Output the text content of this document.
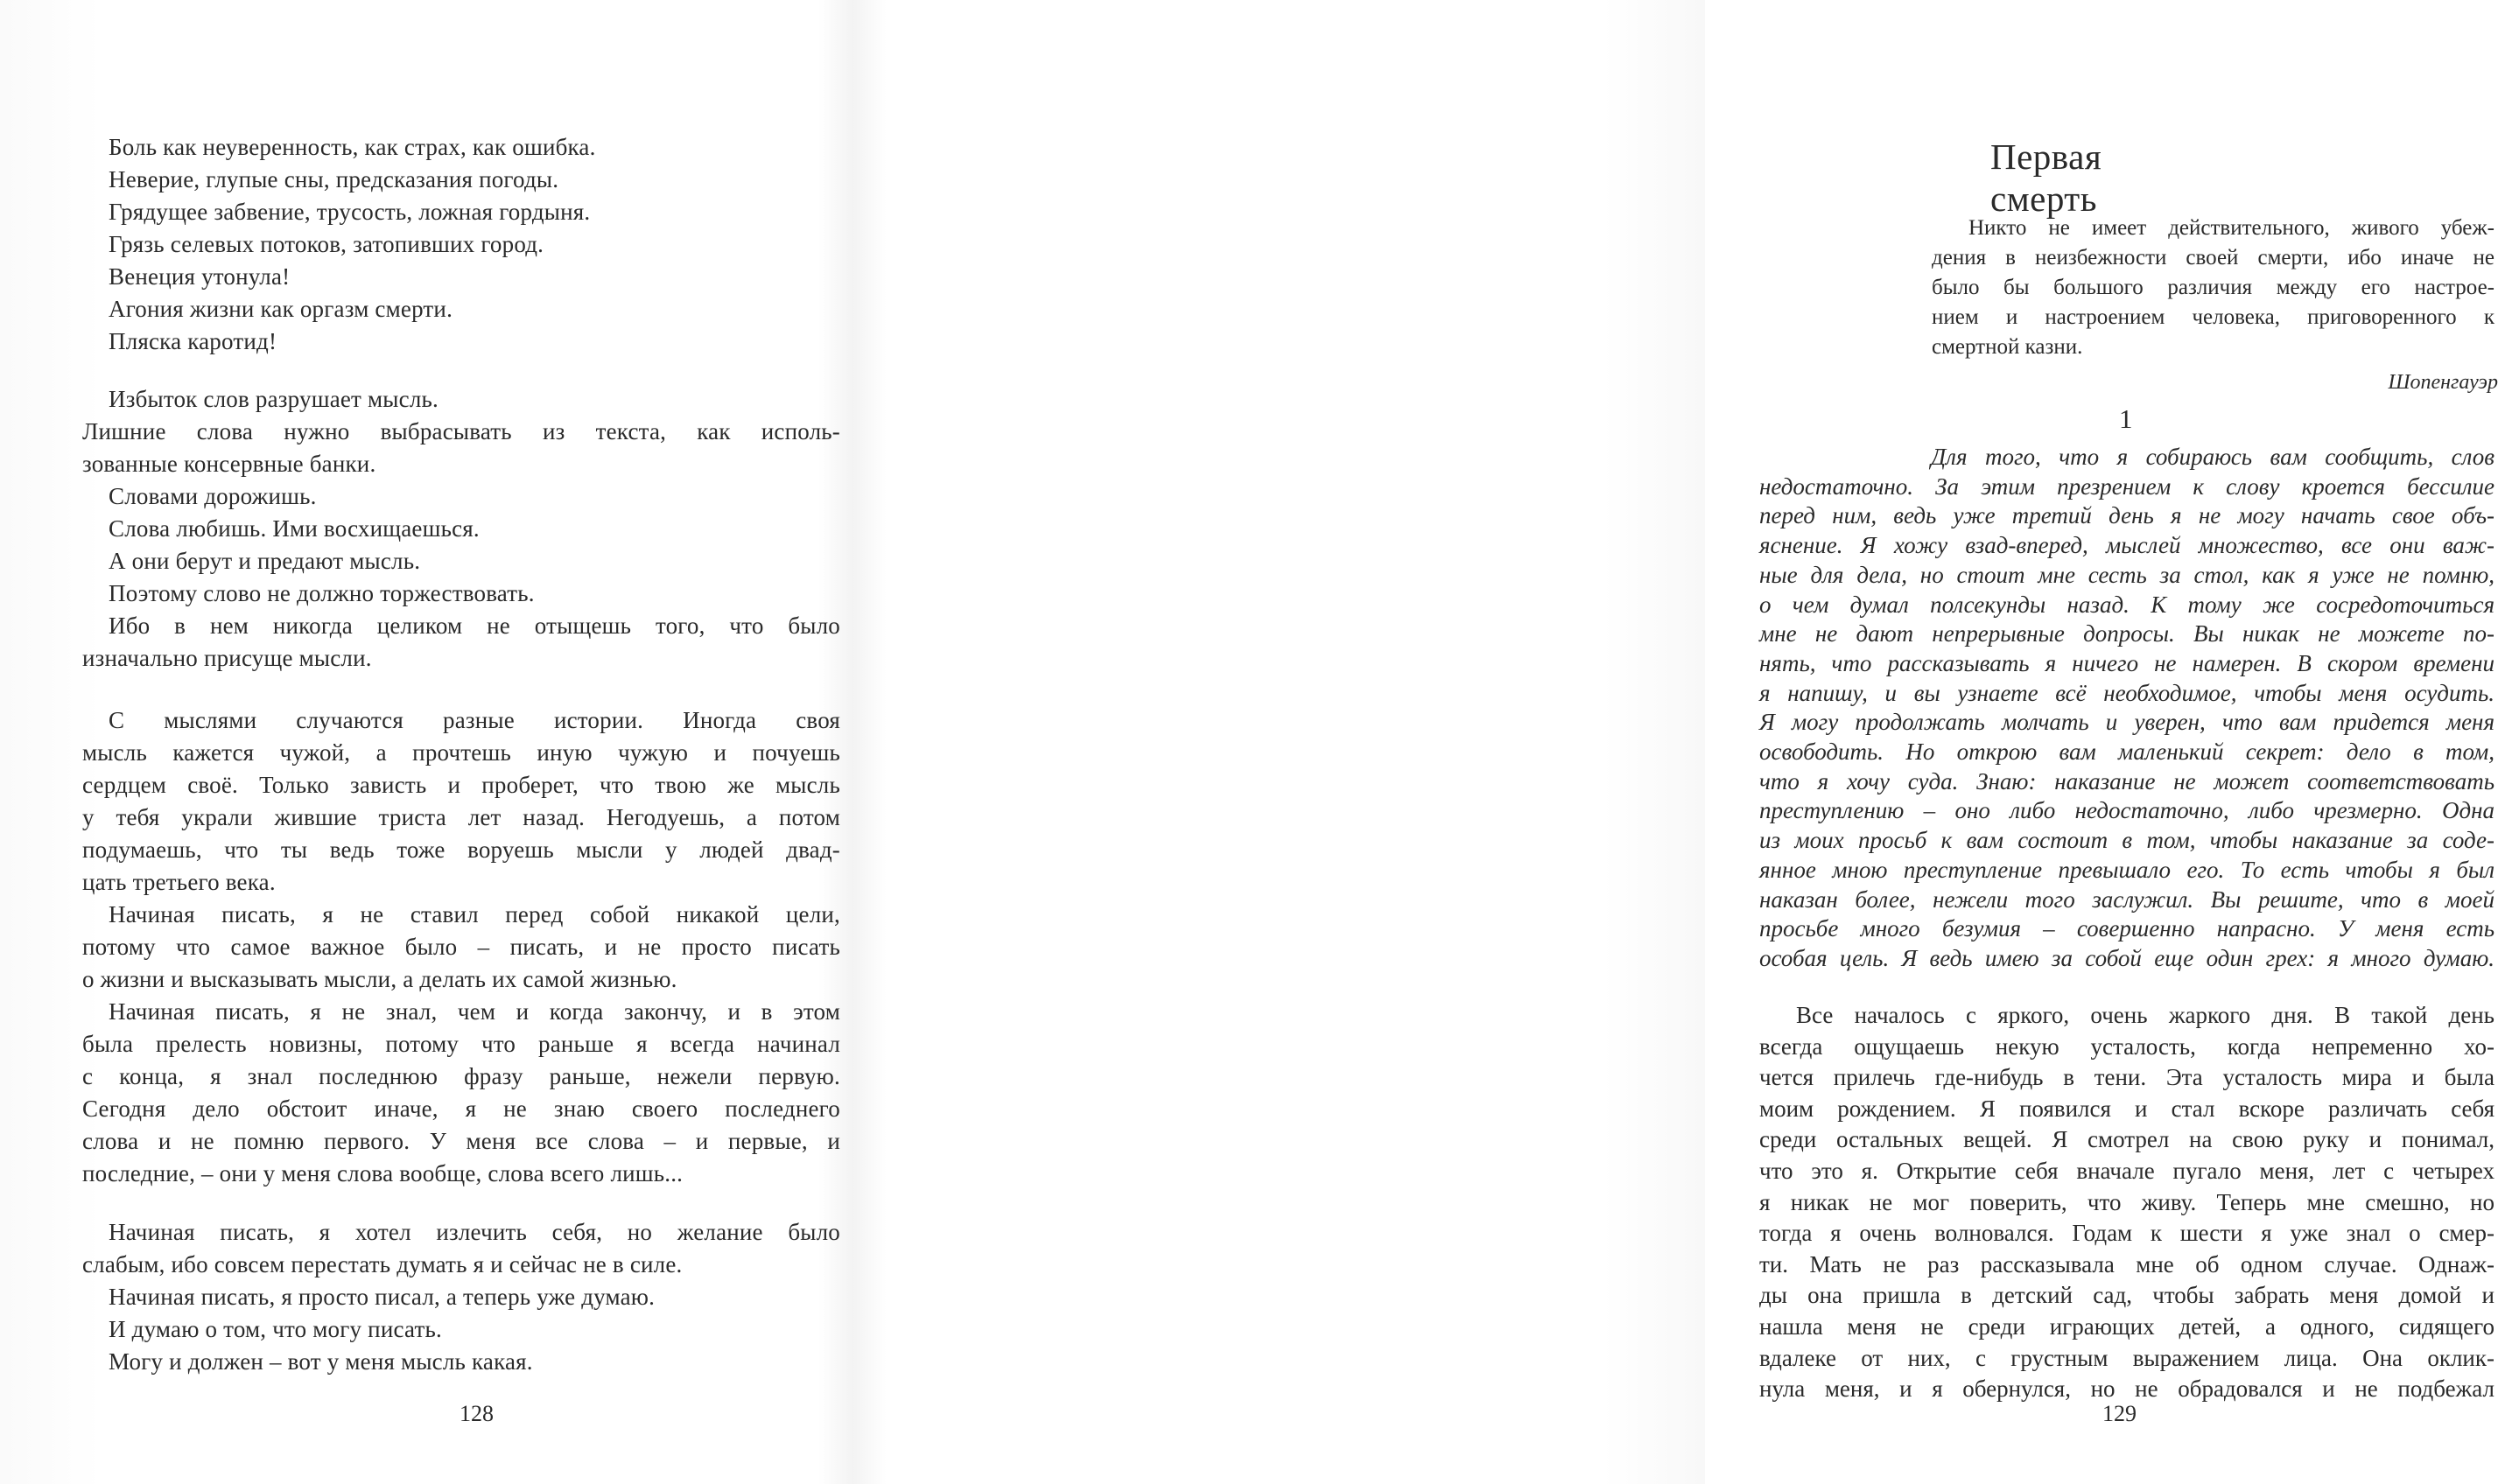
Боль как неуверенность, как страх, как ошибка.

Неверие, глупые сны, предсказания погоды.

Грядущее забвение, трусость, ложная гордыня.

Грязь селевых потоков, затопивших город.

Венеция утонула!

Агония жизни как оргазм смерти.

Пляска каротид!

Избыток слов разрушает мысль.

Лишние слова нужно выбрасывать из текста, как исполь-

зованные консервные банки.

Словами дорожишь.

Слова любишь. Ими восхищаешься.

А они берут и предают мысль.

Поэтому слово не должно торжествовать.

Ибо в нем никогда целиком не отыщешь того, что было

изначально присуще мысли.

С мыслями случаются разные истории. Иногда своя

мысль кажется чужой, а прочтешь иную чужую и почуешь

сердцем своё. Только зависть и проберет, что твою же мысль

у тебя украли жившие триста лет назад. Негодуешь, а потом

подумаешь, что ты ведь тоже воруешь мысли у людей двад-

цать третьего века.

Начиная писать, я не ставил перед собой никакой цели,

потому что самое важное было – писать, и не просто писать

о жизни и высказывать мысли, а делать их самой жизнью.

Начиная писать, я не знал, чем и когда закончу, и в этом

была прелесть новизны, потому что раньше я всегда начинал

с конца, я знал последнюю фразу раньше, нежели первую.

Сегодня дело обстоит иначе, я не знаю своего последнего

слова и не помню первого. У меня все слова – и первые, и

последние, – они у меня слова вообще, слова всего лишь...

Начиная писать, я хотел излечить себя, но желание было

слабым, ибо совсем перестать думать я и сейчас не в силе.

Начиная писать, я просто писал, а теперь уже думаю.

И думаю о том, что могу писать.

Могу и должен – вот у меня мысль какая.

128
Первая смерть

Никто не имеет действительного, живого убеж-

дения в неизбежности своей смерти, ибо иначе не

было бы большого различия между его настрое-

нием и настроением человека, приговоренного к

смертной казни.

Шопенгауэр
1

Для того, что я собираюсь вам сообщить, слов

недостаточно. За этим презрением к слову кроется бессилие

перед ним, ведь уже третий день я не могу начать свое объ-

яснение. Я хожу взад-вперед, мыслей множество, все они важ-

ные для дела, но стоит мне сесть за стол, как я уже не помню,

о чем думал полсекунды назад. К тому же сосредоточиться

мне не дают непрерывные допросы. Вы никак не можете по-

нять, что рассказывать я ничего не намерен. В скором времени

я напишу, и вы узнаете всё необходимое, чтобы меня осудить.

Я могу продолжать молчать и уверен, что вам придется меня

освободить. Но открою вам маленький секрет: дело в том,

что я хочу суда. Знаю: наказание не может соответствовать

преступлению – оно либо недостаточно, либо чрезмерно. Одна

из моих просьб к вам состоит в том, чтобы наказание за соде-

янное мною преступление превышало его. То есть чтобы я был

наказан более, нежели того заслужил. Вы решите, что в моей

просьбе много безумия – совершенно напрасно. У меня есть

особая цель. Я ведь имею за собой еще один грех: я много думаю.

Все началось с яркого, очень жаркого дня. В такой день

всегда ощущаешь некую усталость, когда непременно хо-

чется прилечь где-нибудь в тени. Эта усталость мира и была

моим рождением. Я появился и стал вскоре различать себя

среди остальных вещей. Я смотрел на свою руку и понимал,

что это я. Открытие себя вначале пугало меня, лет с четырех

я никак не мог поверить, что живу. Теперь мне смешно, но

тогда я очень волновался. Годам к шести я уже знал о смер-

ти. Мать не раз рассказывала мне об одном случае. Однаж-

ды она пришла в детский сад, чтобы забрать меня домой и

нашла меня не среди играющих детей, а одного, сидящего

вдалеке от них, с грустным выражением лица. Она оклик-

нула меня, и я обернулся, но не обрадовался и не подбежал

129
